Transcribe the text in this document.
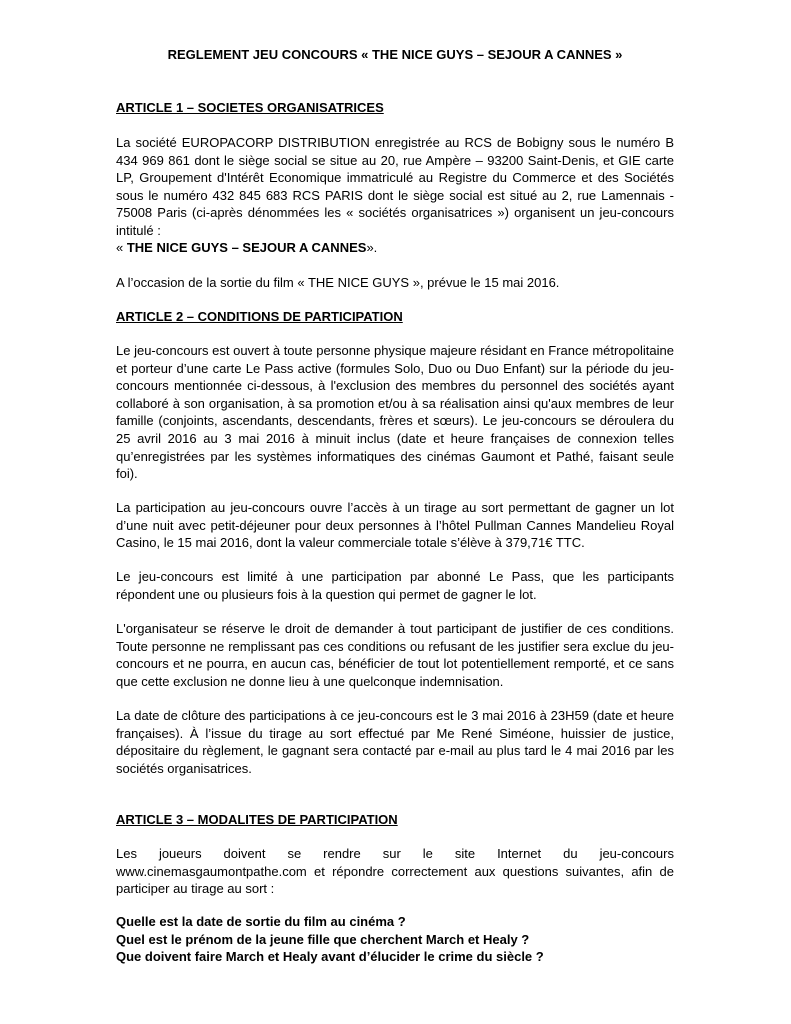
REGLEMENT JEU CONCOURS « THE NICE GUYS – SEJOUR A CANNES »
ARTICLE 1 – SOCIETES ORGANISATRICES

La société EUROPACORP DISTRIBUTION enregistrée au RCS de Bobigny sous le numéro B 434 969 861 dont le siège social se situe au 20, rue Ampère – 93200 Saint-Denis, et GIE carte LP, Groupement d'Intérêt Economique immatriculé au Registre du Commerce et des Sociétés sous le numéro 432 845 683 RCS PARIS dont le siège social est situé au 2, rue Lamennais - 75008 Paris (ci-après dénommées les « sociétés organisatrices ») organisent un jeu-concours intitulé :

« THE NICE GUYS – SEJOUR A CANNES».

A l’occasion de la sortie du film « THE NICE GUYS », prévue le 15 mai 2016.

ARTICLE 2 – CONDITIONS DE PARTICIPATION

Le jeu-concours est ouvert à toute personne physique majeure résidant en France métropolitaine et porteur d’une carte Le Pass active (formules Solo, Duo ou Duo Enfant) sur la période du jeu-concours mentionnée ci-dessous, à l'exclusion des membres du personnel des sociétés ayant collaboré à son organisation, à sa promotion et/ou à sa réalisation ainsi qu'aux membres de leur famille (conjoints, ascendants, descendants, frères et sœurs). Le jeu-concours se déroulera du 25 avril 2016 au 3 mai 2016 à minuit inclus (date et heure françaises de connexion telles qu’enregistrées par les systèmes informatiques des cinémas Gaumont et Pathé, faisant seule foi).

La participation au jeu-concours ouvre l’accès à un tirage au sort permettant de gagner un lot d’une nuit avec petit-déjeuner pour deux personnes à l’hôtel Pullman Cannes Mandelieu Royal Casino, le 15 mai 2016, dont la valeur commerciale totale s’élève à 379,71€ TTC.

Le jeu-concours est limité à une participation par abonné Le Pass, que les participants répondent une ou plusieurs fois à la question qui permet de gagner le lot.

L'organisateur se réserve le droit de demander à tout participant de justifier de ces conditions. Toute personne ne remplissant pas ces conditions ou refusant de les justifier sera exclue du jeu-concours et ne pourra, en aucun cas, bénéficier de tout lot potentiellement remporté, et ce sans que cette exclusion ne donne lieu à une quelconque indemnisation.

La date de clôture des participations à ce jeu-concours est le 3 mai 2016 à 23H59 (date et heure françaises). À l’issue du tirage au sort effectué par Me René Siméone, huissier de justice, dépositaire du règlement, le gagnant sera contacté par e-mail au plus tard le 4 mai 2016 par les sociétés organisatrices.

ARTICLE 3 – MODALITES DE PARTICIPATION

Les joueurs doivent se rendre sur le site Internet du jeu-concours www.cinemasgaumontpathe.com et répondre correctement aux questions suivantes, afin de participer au tirage au sort :

Quelle est la date de sortie du film au cinéma ?
Quel est le prénom de la jeune fille que cherchent March et Healy ?
Que doivent faire March et Healy avant d’élucider le crime du siècle ?
